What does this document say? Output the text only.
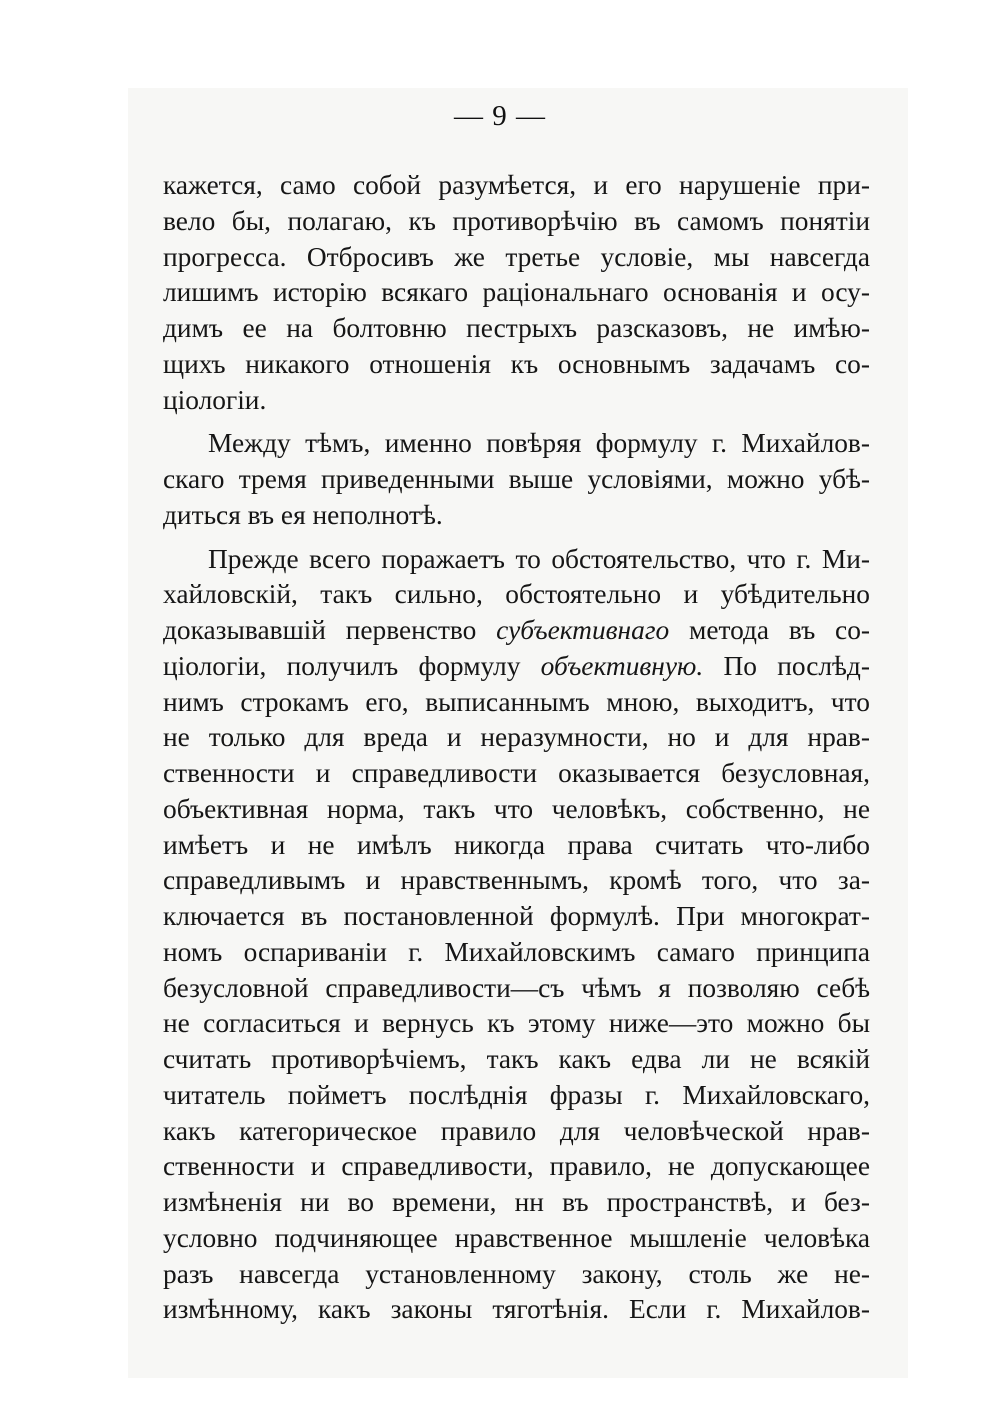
— 9 —
кажется, само собой разумѣется, и его нарушеніе при-
вело бы, полагаю, къ противорѣчію въ самомъ понятіи
прогресса. Отбросивъ же третье условіе, мы навсегда
лишимъ исторію всякаго раціональнаго основанія и осу-
димъ ее на болтовню пестрыхъ разсказовъ, не имѣю-
щихъ никакого отношенія къ основнымъ задачамъ со-
ціологіи.
Между тѣмъ, именно повѣряя формулу г. Михайлов-
скаго тремя приведенными выше условіями, можно убѣ-
диться въ ея неполнотѣ.
Прежде всего поражаетъ то обстоятельство, что г. Ми-
хайловскій, такъ сильно, обстоятельно и убѣдительно
доказывавшій первенство субъективнаго метода въ со-
ціологіи, получилъ формулу объективную. По послѣд-
нимъ строкамъ его, выписаннымъ мною, выходитъ, что
не только для вреда и неразумности, но и для нрав-
ственности и справедливости оказывается безусловная,
объективная норма, такъ что человѣкъ, собственно, не
имѣетъ и не имѣлъ никогда права считать что-либо
справедливымъ и нравственнымъ, кромѣ того, что за-
ключается въ постановленной формулѣ. При многократ-
номъ оспариваніи г. Михайловскимъ самаго принципа
безусловной справедливости—съ чѣмъ я позволяю себѣ
не согласиться и вернусь къ этому ниже—это можно бы
считать противорѣчіемъ, такъ какъ едва ли не всякій
читатель пойметъ послѣднія фразы г. Михайловскаго,
какъ категорическое правило для человѣческой нрав-
ственности и справедливости, правило, не допускающее
измѣненія ни во времени, нн въ пространствѣ, и без-
условно подчиняющее нравственное мышленіе человѣка
разъ навсегда установленному закону, столь же не-
измѣнному, какъ законы тяготѣнія. Если г. Михайлов-
